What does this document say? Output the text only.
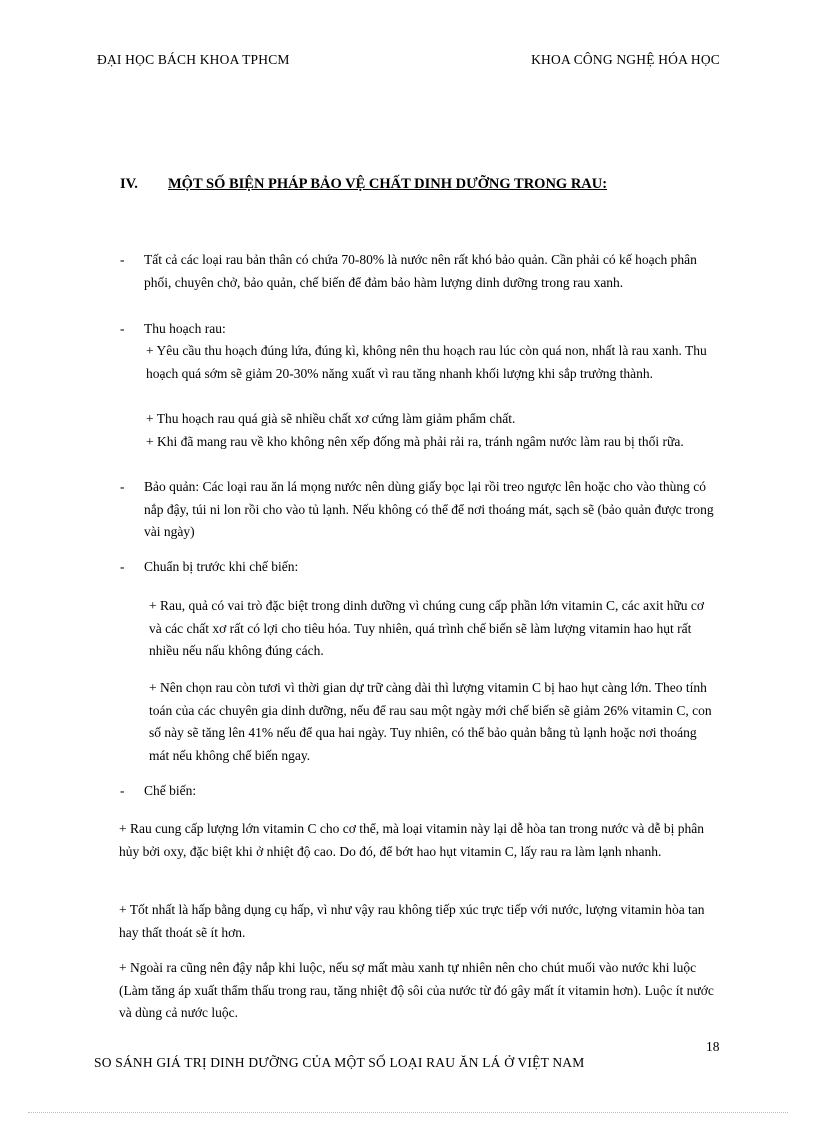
ĐẠI HỌC BÁCH KHOA TPHCM	KHOA CÔNG NGHỆ HÓA HỌC
IV. MỘT SỐ BIỆN PHÁP BẢO VỆ CHẤT DINH DƯỠNG TRONG RAU:
- Tất cả các loại rau bản thân có chứa 70-80% là nước nên rất khó bảo quản. Cần phải có kế hoạch phân phối, chuyên chở, bảo quản, chế biến để đảm bảo hàm lượng dinh dưỡng trong rau xanh.
- Thu hoạch rau:
+ Yêu cầu thu hoạch đúng lứa, đúng kì, không nên thu hoạch rau lúc còn quá non, nhất là rau xanh. Thu hoạch quá sớm sẽ giảm 20-30% năng xuất vì rau tăng nhanh khối lượng khi sắp trưởng thành.
+ Thu hoạch rau quá già sẽ nhiều chất xơ cứng làm giảm phẩm chất.
+ Khi đã mang rau về kho không nên xếp đống mà phải rải ra, tránh ngâm nước làm rau bị thối rữa.
- Bảo quản: Các loại rau ăn lá mọng nước nên dùng giấy bọc lại rồi treo ngược lên hoặc cho vào thùng có nắp đậy, túi ni lon rồi cho vào tủ lạnh. Nếu không có thể để nơi thoáng mát, sạch sẽ (bảo quản được trong vài ngày)
- Chuẩn bị trước khi chế biến:
+ Rau, quả có vai trò đặc biệt trong dinh dưỡng vì chúng cung cấp phần lớn vitamin C, các axit hữu cơ và các chất xơ rất có lợi cho tiêu hóa. Tuy nhiên, quá trình chế biến sẽ làm lượng vitamin hao hụt rất nhiều nếu nấu không đúng cách.
+ Nên chọn rau còn tươi vì thời gian dự trữ càng dài thì lượng vitamin C bị hao hụt càng lớn. Theo tính toán của các chuyên gia dinh dưỡng, nếu để rau sau một ngày mới chế biến sẽ giảm 26% vitamin C, con số này sẽ tăng lên 41% nếu để qua hai ngày. Tuy nhiên, có thể bảo quản bằng tủ lạnh hoặc nơi thoáng mát nếu không chế biến ngay.
- Chế biến:
+ Rau cung cấp lượng lớn vitamin C cho cơ thể, mà loại vitamin này lại dễ hòa tan trong nước và dễ bị phân hủy bởi oxy, đặc biệt khi ở nhiệt độ cao. Do đó, để bớt hao hụt vitamin C, lấy rau ra làm lạnh nhanh.
+ Tốt nhất là hấp bằng dụng cụ hấp, vì như vậy rau không tiếp xúc trực tiếp với nước, lượng vitamin hòa tan hay thất thoát sẽ ít hơn.
+ Ngoài ra cũng nên đậy nắp khi luộc, nếu sợ mất màu xanh tự nhiên nên cho chút muối vào nước khi luộc (Làm tăng áp xuất thẩm thấu trong rau, tăng nhiệt độ sôi của nước từ đó gây mất ít vitamin hơn). Luộc ít nước và dùng cả nước luộc.
18
SO SÁNH GIÁ TRỊ DINH DƯỠNG CỦA MỘT SỐ LOẠI RAU ĂN LÁ Ở VIỆT NAM
